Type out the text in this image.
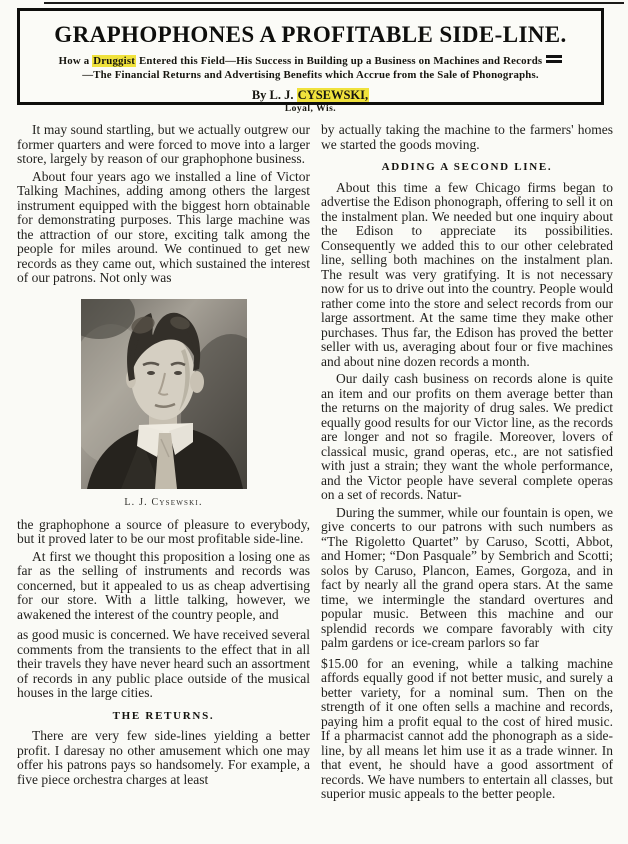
GRAPHOPHONES A PROFITABLE SIDE-LINE.
How a Druggist Entered this Field—His Success in Building up a Business on Machines and Records
—The Financial Returns and Advertising Benefits which Accrue from the Sale of Phonographs.
By L. J. CYSEWSKI,
Loyal, Wis.

It may sound startling, but we actually outgrew our former quarters and were forced to move into a larger store, largely by reason of our graphophone business.

About four years ago we installed a line of Victor Talking Machines, adding among others the largest instrument equipped with the biggest horn obtainable for demonstrating purposes. This large machine was the attraction of our store, exciting talk among the people for miles around. We continued to get new records as they came out, which sustained the interest of our patrons. Not only was

L. J. Cysewski.

the graphophone a source of pleasure to everybody, but it proved later to be our most profitable side-line.

At first we thought this proposition a losing one as far as the selling of instruments and records was concerned, but it appealed to us as cheap advertising for our store. With a little talking, however, we awakened the interest of the country people, and

as good music is concerned. We have received several comments from the transients to the effect that in all their travels they have never heard such an assortment of records in any public place outside of the musical houses in the large cities.

THE RETURNS.

There are very few side-lines yielding a better profit. I daresay no other amusement which one may offer his patrons pays so handsomely. For example, a five piece orchestra charges at least

by actually taking the machine to the farmers' homes we started the goods moving.

ADDING A SECOND LINE.

About this time a few Chicago firms began to advertise the Edison phonograph, offering to sell it on the instalment plan. We needed but one inquiry about the Edison to appreciate its possibilities. Consequently we added this to our other celebrated line, selling both machines on the instalment plan. The result was very gratifying. It is not necessary now for us to drive out into the country. People would rather come into the store and select records from our large assortment. At the same time they make other purchases. Thus far, the Edison has proved the better seller with us, averaging about four or five machines and about nine dozen records a month.

Our daily cash business on records alone is quite an item and our profits on them average better than the returns on the majority of drug sales. We predict equally good results for our Victor line, as the records are longer and not so fragile. Moreover, lovers of classical music, grand operas, etc., are not satisfied with just a strain; they want the whole performance, and the Victor people have several complete operas on a set of records. Natur-

During the summer, while our fountain is open, we give concerts to our patrons with such numbers as “The Rigoletto Quartet” by Caruso, Scotti, Abbot, and Homer; “Don Pasquale” by Sembrich and Scotti; solos by Caruso, Plancon, Eames, Gorgoza, and in fact by nearly all the grand opera stars. At the same time, we intermingle the standard overtures and popular music. Between this machine and our splendid records we compare favorably with city palm gardens or ice-cream parlors so far

$15.00 for an evening, while a talking machine affords equally good if not better music, and surely a better variety, for a nominal sum. Then on the strength of it one often sells a machine and records, paying him a profit equal to the cost of hired music. If a pharmacist cannot add the phonograph as a side-line, by all means let him use it as a trade winner. In that event, he should have a good assortment of records. We have numbers to entertain all classes, but superior music appeals to the better people.
